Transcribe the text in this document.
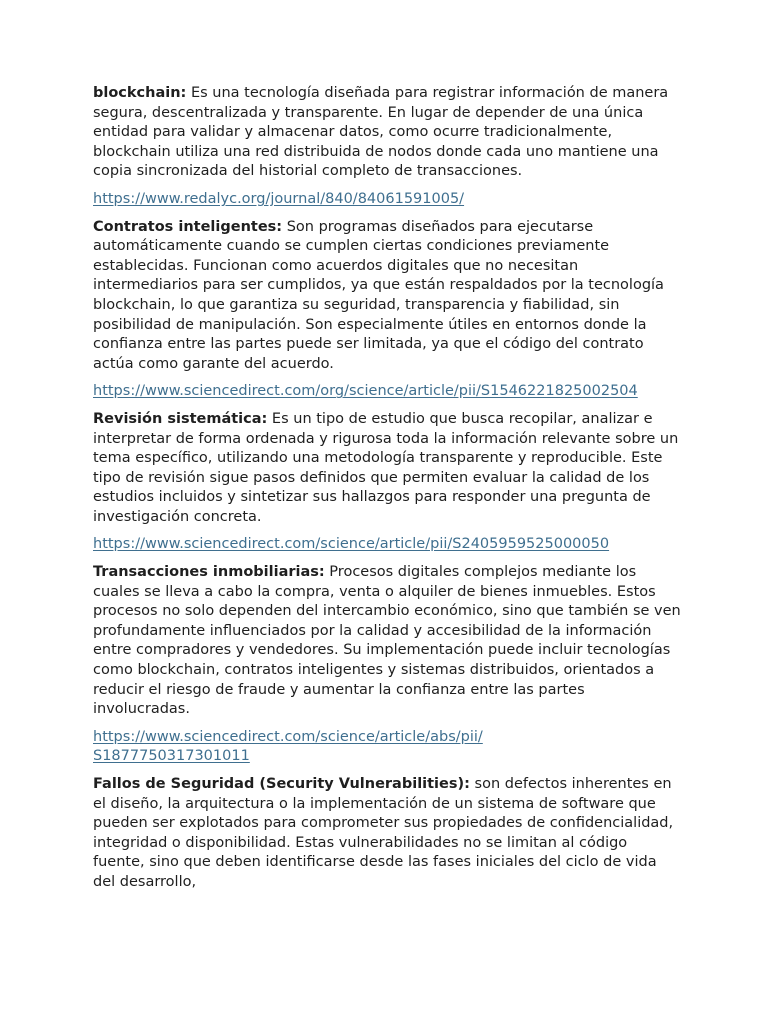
blockchain: Es una tecnología diseñada para registrar información de manera segura, descentralizada y transparente. En lugar de depender de una única entidad para validar y almacenar datos, como ocurre tradicionalmente, blockchain utiliza una red distribuida de nodos donde cada uno mantiene una copia sincronizada del historial completo de transacciones.

https://www.redalyc.org/journal/840/84061591005/

Contratos inteligentes: Son programas diseñados para ejecutarse automáticamente cuando se cumplen ciertas condiciones previamente establecidas. Funcionan como acuerdos digitales que no necesitan intermediarios para ser cumplidos, ya que están respaldados por la tecnología blockchain, lo que garantiza su seguridad, transparencia y fiabilidad, sin posibilidad de manipulación. Son especialmente útiles en entornos donde la confianza entre las partes puede ser limitada, ya que el código del contrato actúa como garante del acuerdo.

https://www.sciencedirect.com/org/science/article/pii/S1546221825002504

Revisión sistemática: Es un tipo de estudio que busca recopilar, analizar e interpretar de forma ordenada y rigurosa toda la información relevante sobre un tema específico, utilizando una metodología transparente y reproducible. Este tipo de revisión sigue pasos definidos que permiten evaluar la calidad de los estudios incluidos y sintetizar sus hallazgos para responder una pregunta de investigación concreta.

https://www.sciencedirect.com/science/article/pii/S2405959525000050

Transacciones inmobiliarias: Procesos digitales complejos mediante los cuales se lleva a cabo la compra, venta o alquiler de bienes inmuebles. Estos procesos no solo dependen del intercambio económico, sino que también se ven profundamente influenciados por la calidad y accesibilidad de la información entre compradores y vendedores. Su implementación puede incluir tecnologías como blockchain, contratos inteligentes y sistemas distribuidos, orientados a reducir el riesgo de fraude y aumentar la confianza entre las partes involucradas.

https://www.sciencedirect.com/science/article/abs/pii/
S1877750317301011

Fallos de Seguridad (Security Vulnerabilities): son defectos inherentes en el diseño, la arquitectura o la implementación de un sistema de software que pueden ser explotados para comprometer sus propiedades de confidencialidad, integridad o disponibilidad. Estas vulnerabilidades no se limitan al código fuente, sino que deben identificarse desde las fases iniciales del ciclo de vida del desarrollo,
